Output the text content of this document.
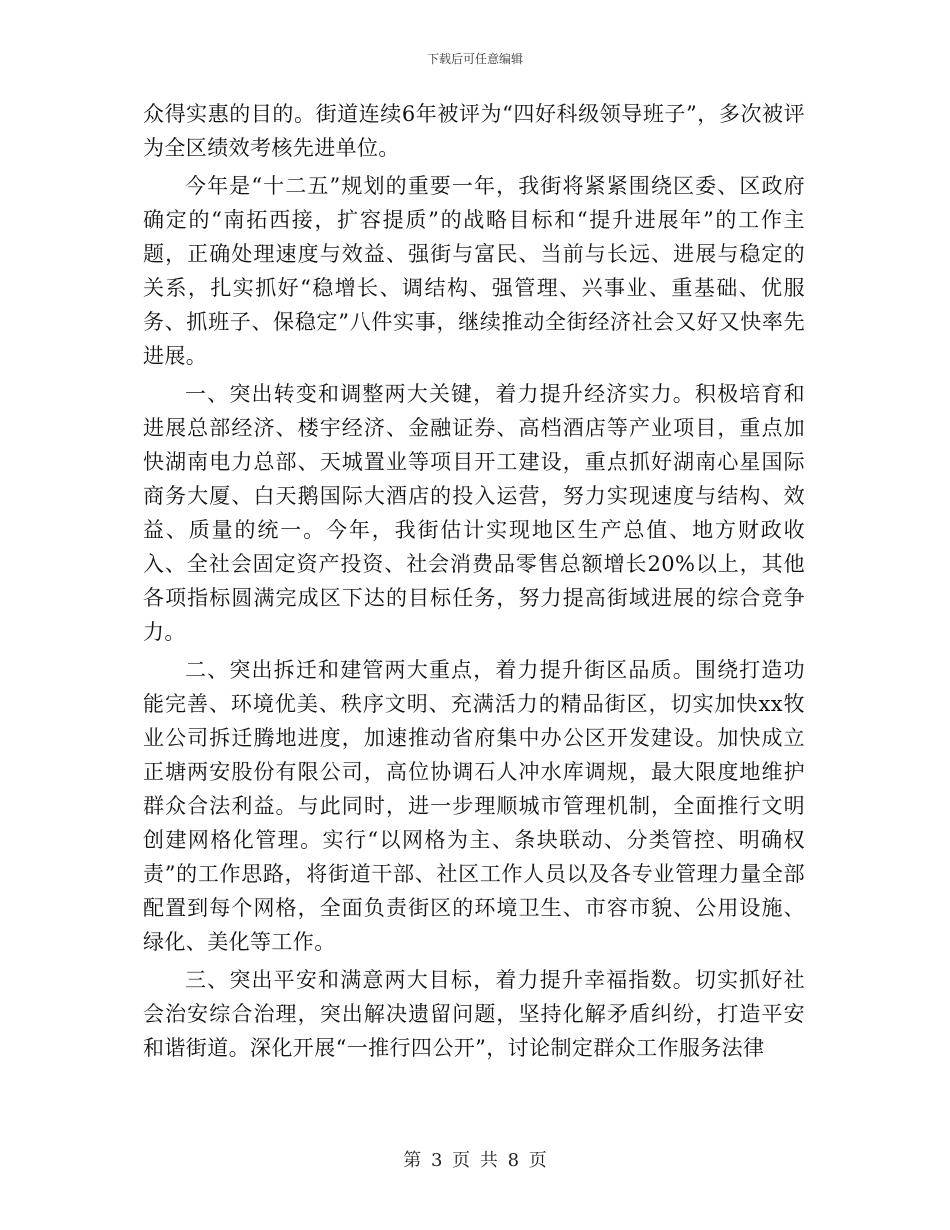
下载后可任意编辑

众得实惠的目的。街道连续6年被评为“四好科级领导班子”，多次被评为全区绩效考核先进单位。

今年是“十二五”规划的重要一年，我街将紧紧围绕区委、区政府确定的“南拓西接，扩容提质”的战略目标和“提升进展年”的工作主题，正确处理速度与效益、强街与富民、当前与长远、进展与稳定的关系，扎实抓好“稳增长、调结构、强管理、兴事业、重基础、优服务、抓班子、保稳定”八件实事，继续推动全街经济社会又好又快率先进展。

一、突出转变和调整两大关键，着力提升经济实力。积极培育和进展总部经济、楼宇经济、金融证券、高档酒店等产业项目，重点加快湖南电力总部、天城置业等项目开工建设，重点抓好湖南心星国际商务大厦、白天鹅国际大酒店的投入运营，努力实现速度与结构、效益、质量的统一。今年，我街估计实现地区生产总值、地方财政收入、全社会固定资产投资、社会消费品零售总额增长20%以上，其他各项指标圆满完成区下达的目标任务，努力提高街域进展的综合竞争力。

二、突出拆迁和建管两大重点，着力提升街区品质。围绕打造功能完善、环境优美、秩序文明、充满活力的精品街区，切实加快xx牧业公司拆迁腾地进度，加速推动省府集中办公区开发建设。加快成立正塘两安股份有限公司，高位协调石人冲水库调规，最大限度地维护群众合法利益。与此同时，进一步理顺城市管理机制，全面推行文明创建网格化管理。实行“以网格为主、条块联动、分类管控、明确权责”的工作思路，将街道干部、社区工作人员以及各专业管理力量全部配置到每个网格，全面负责街区的环境卫生、市容市貌、公用设施、绿化、美化等工作。

三、突出平安和满意两大目标，着力提升幸福指数。切实抓好社会治安综合治理，突出解决遗留问题，坚持化解矛盾纠纷，打造平安和谐街道。深化开展“一推行四公开”，讨论制定群众工作服务法律

第 3 页 共 8 页
